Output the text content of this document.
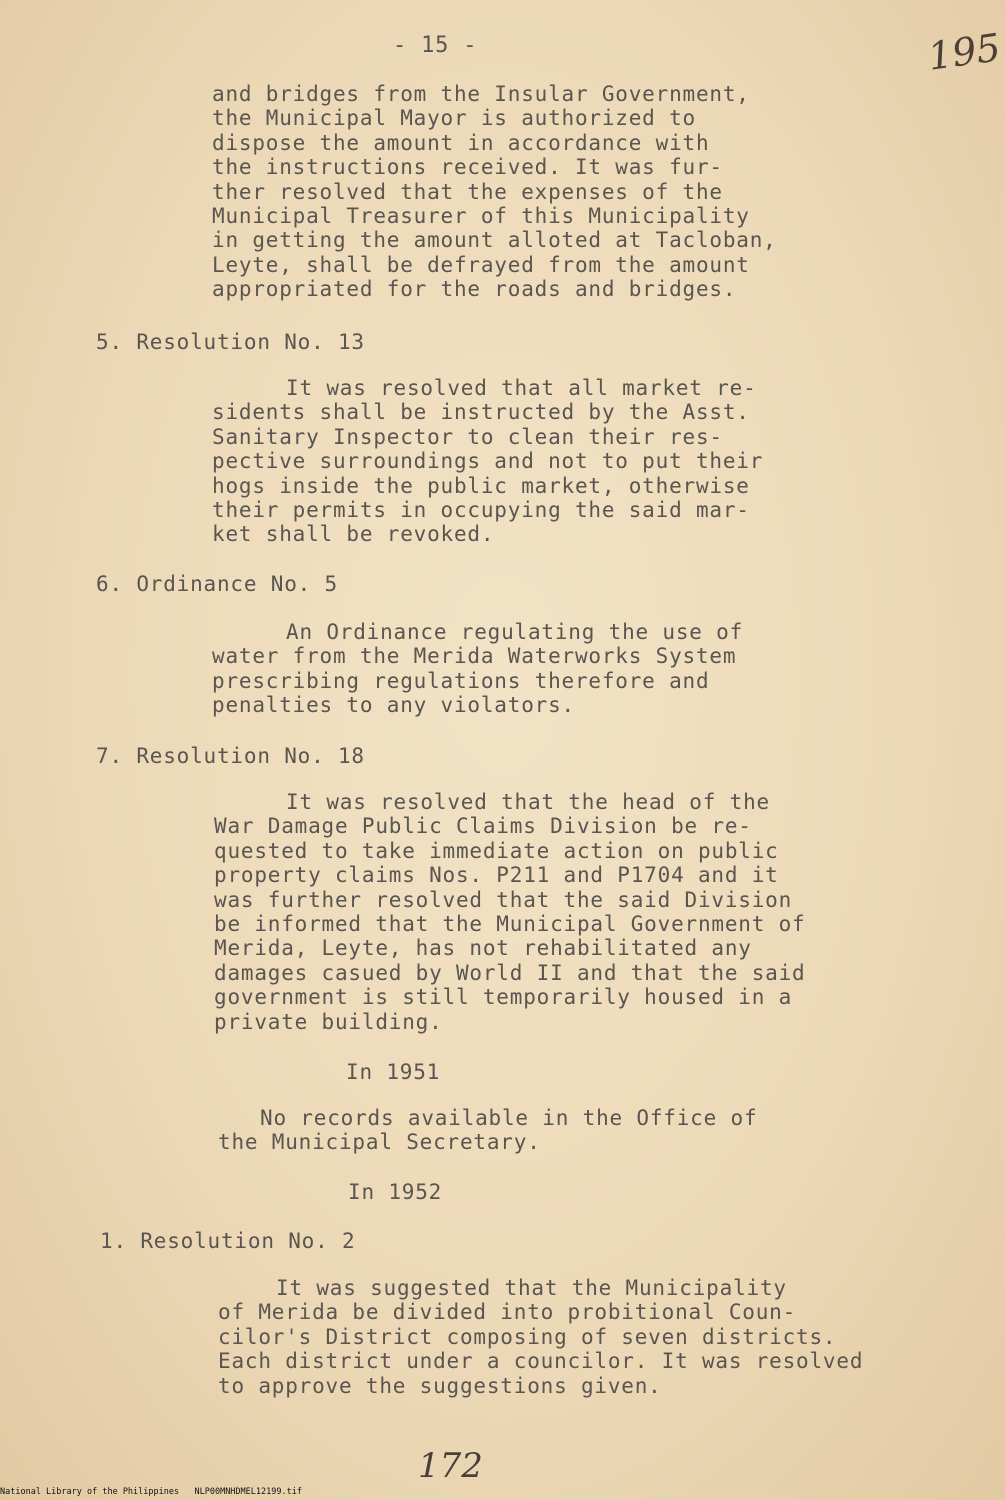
- 15 -	195
and bridges from the Insular Government,
the Municipal Mayor is authorized to
dispose the amount in accordance with
the instructions received. It was fur-
ther resolved that the expenses of the
Municipal Treasurer of this Municipality
in getting the amount alloted at Tacloban,
Leyte, shall be defrayed from the amount
appropriated for the roads and bridges.
5. Resolution No. 13
It was resolved that all market re-
sidents shall be instructed by the Asst.
Sanitary Inspector to clean their res-
pective surroundings and not to put their
hogs inside the public market, otherwise
their permits in occupying the said mar-
ket shall be revoked.
6. Ordinance No. 5
An Ordinance regulating the use of
water from the Merida Waterworks System
prescribing regulations therefore and
penalties to any violators.
7. Resolution No. 18
It was resolved that the head of the
War Damage Public Claims Division be re-
quested to take immediate action on public
property claims Nos. P211 and P1704 and it
was further resolved that the said Division
be informed that the Municipal Government of
Merida, Leyte, has not rehabilitated any
damages casued by World II and that the said
government is still temporarily housed in a
private building.
In 1951
No records available in the Office of
the Municipal Secretary.
In 1952
1. Resolution No. 2
It was suggested that the Municipality
of Merida be divided into probitional Coun-
cilor's District composing of seven districts.
Each district under a councilor. It was resolved
to approve the suggestions given.
172
National Library of the Philippines NLP00MNHDMEL12199.tif
